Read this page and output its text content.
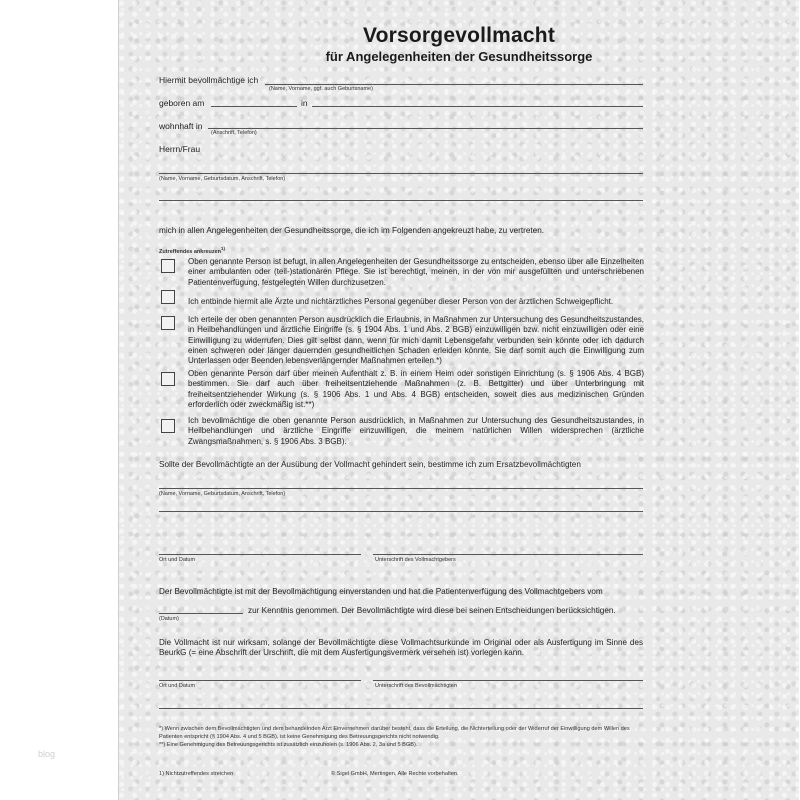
blog
Vorsorgevollmacht
für Angelegenheiten der Gesundheitssorge
Hiermit bevollmächtige ich
(Name, Vorname, ggf. auch Geburtsname)
geboren am	in
wohnhaft in
(Anschrift, Telefon)
Herrn/Frau
(Name, Vorname, Geburtsdatum, Anschrift, Telefon)
mich in allen Angelegenheiten der Gesundheitssorge, die ich im Folgenden angekreuzt habe, zu vertreten.
Zutreffendes ankreuzen$^{1)}$
Oben genannte Person ist befugt, in allen Angelegenheiten der Gesundheitssorge zu entscheiden, ebenso über alle Einzelheiten einer ambulanten oder (teil-)stationären Pflege. Sie ist berechtigt, meinen, in der von mir ausgefüllten und unterschriebenen Patientenverfügung, festgelegten Willen durchzusetzen.
Ich entbinde hiermit alle Ärzte und nichtärztliches Personal gegenüber dieser Person von der ärztlichen Schweigepflicht.
Ich erteile der oben genannten Person ausdrücklich die Erlaubnis, in Maßnahmen zur Untersuchung des Gesundheitszustandes, in Heilbehandlungen und ärztliche Eingriffe (s. § 1904 Abs. 1 und Abs. 2 BGB) einzuwilligen bzw. nicht einzuwilligen oder eine Einwilligung zu widerrufen. Dies gilt selbst dann, wenn für mich damit Lebensgefahr verbunden sein könnte oder ich dadurch einen schweren oder länger dauernden gesundheitlichen Schaden erleiden könnte. Sie darf somit auch die Einwilligung zum Unterlassen oder Beenden lebensverlängernder Maßnahmen erteilen.*)
Oben genannte Person darf über meinen Aufenthalt z. B. in einem Heim oder sonstigen Einrichtung (s. § 1906 Abs. 4 BGB) bestimmen. Sie darf auch über freiheitsentziehende Maßnahmen (z. B. Bettgitter) und über Unterbringung mit freiheitsentziehender Wirkung (s. § 1906 Abs. 1 und Abs. 4 BGB) entscheiden, soweit dies aus medizinischen Gründen erforderlich oder zweckmäßig ist.**)
Ich bevollmächtige die oben genannte Person ausdrücklich, in Maßnahmen zur Untersuchung des Gesundheitszustandes, in Heilbehandlungen und ärztliche Eingriffe einzuwilligen, die meinem natürlichen Willen widersprechen (ärztliche Zwangsmaßnahmen, s. § 1906 Abs. 3 BGB).
Sollte der Bevollmächtigte an der Ausübung der Vollmacht gehindert sein, bestimme ich zum Ersatzbevollmächtigten
(Name, Vorname, Geburtsdatum, Anschrift, Telefon)
Ort und Datum	Unterschrift des Vollmachtgebers
Der Bevollmächtigte ist mit der Bevollmächtigung einverstanden und hat die Patientenverfügung des Vollmachtgebers vom
(Datum)
zur Kenntnis genommen. Der Bevollmächtigte wird diese bei seinen Entscheidungen berücksichtigen.
Die Vollmacht ist nur wirksam, solange der Bevollmächtigte diese Vollmachtsurkunde im Original oder als Ausfertigung im Sinne des BeurkG (= eine Abschrift der Urschrift, die mit dem Ausfertigungsvermerk versehen ist) vorlegen kann.
Ort und Datum	Unterschrift des Bevollmächtigten
*) Wenn zwischen dem Bevollmächtigten und dem behandelnden Arzt Einvernehmen darüber besteht, dass die Erteilung, die Nichterteilung oder der Widerruf der Einwilligung dem Willen des Patienten entspricht (§ 1904 Abs. 4 und 5 BGB), ist keine Genehmigung des Betreuungsgerichts nicht notwendig.
**) Eine Genehmigung des Betreuungsgerichts ist zusätzlich einzuholen (s. 1906 Abs. 2, 3a und 5 BGB).
1) Nichtzutreffendes streichen	© Sigel GmbH, Mertingen, Alle Rechte vorbehalten.
